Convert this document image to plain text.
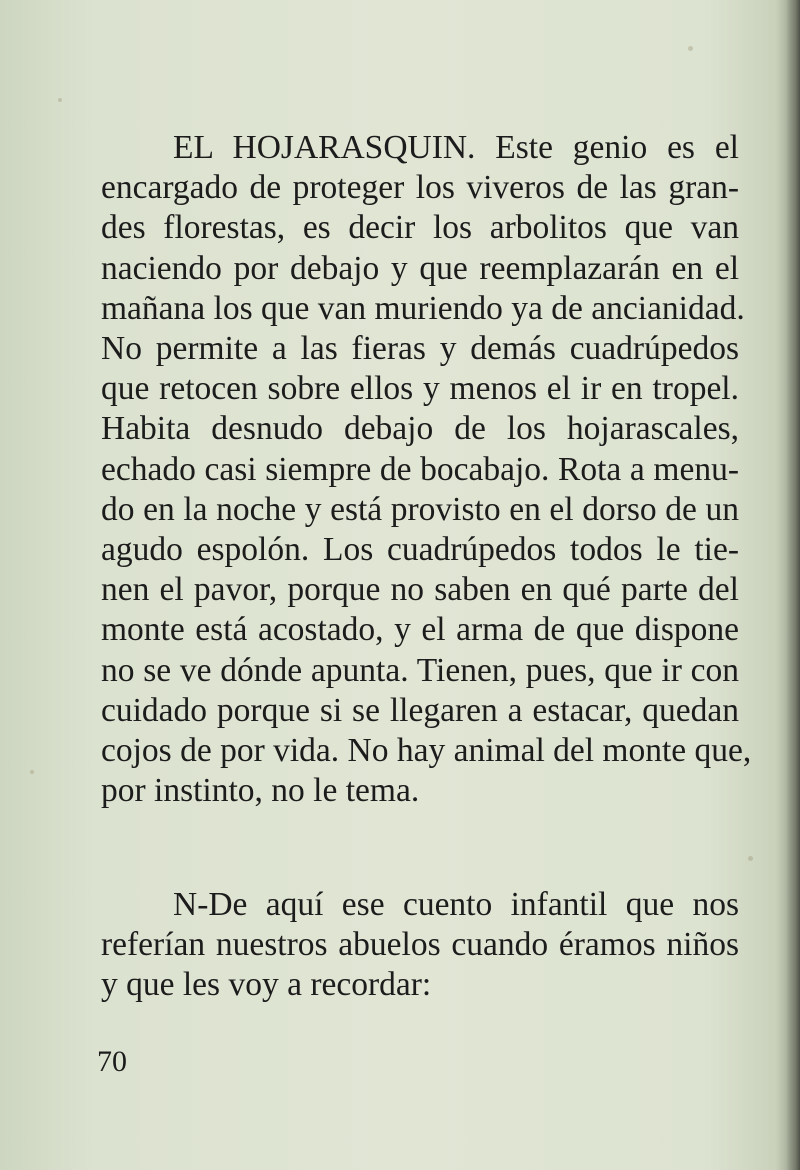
EL HOJARASQUIN. Este genio es el
encargado de proteger los viveros de las gran-
des florestas, es decir los arbolitos que van
naciendo por debajo y que reemplazarán en el
mañana los que van muriendo ya de ancianidad.
No permite a las fieras y demás cuadrúpedos
que retocen sobre ellos y menos el ir en tropel.
Habita desnudo debajo de los hojarascales,
echado casi siempre de bocabajo. Rota a menu-
do en la noche y está provisto en el dorso de un
agudo espolón. Los cuadrúpedos todos le tie-
nen el pavor, porque no saben en qué parte del
monte está acostado, y el arma de que dispone
no se ve dónde apunta. Tienen, pues, que ir con
cuidado porque si se llegaren a estacar, quedan
cojos de por vida. No hay animal del monte que,
por instinto, no le tema.

N-De aquí ese cuento infantil que nos
referían nuestros abuelos cuando éramos niños
y que les voy a recordar:

70
